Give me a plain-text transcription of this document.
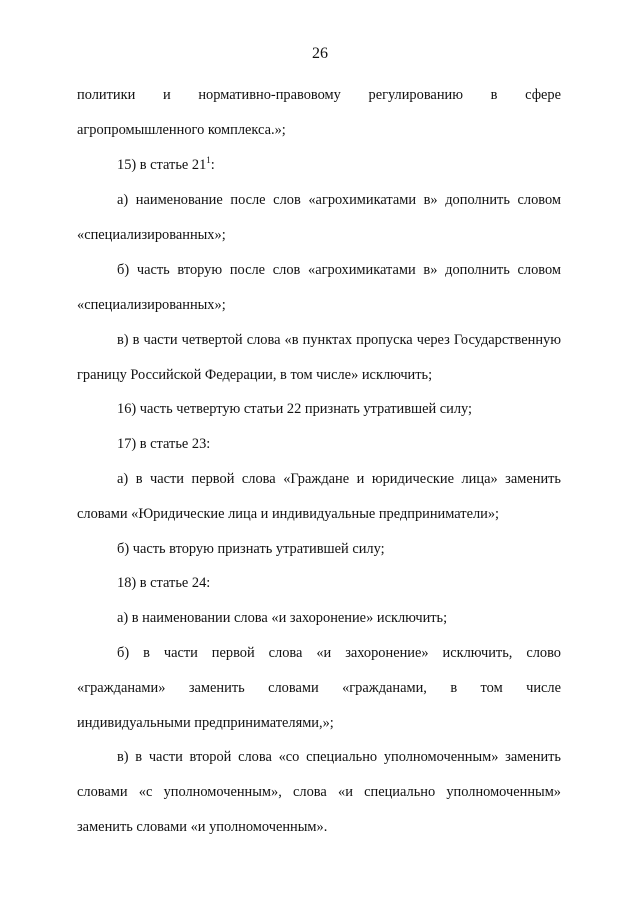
26
политики и нормативно-правовому регулированию в сфере
агропромышленного комплекса.»;
15) в статье $21^1$:
а) наименование после слов «агрохимикатами в» дополнить словом
«специализированных»;
б) часть вторую после слов «агрохимикатами в» дополнить словом
«специализированных»;
в) в части четвертой слова «в пунктах пропуска через Государственную
границу Российской Федерации, в том числе» исключить;
16) часть четвертую статьи 22 признать утратившей силу;
17) в статье 23:
а) в части первой слова «Граждане и юридические лица» заменить
словами «Юридические лица и индивидуальные предприниматели»;
б) часть вторую признать утратившей силу;
18) в статье 24:
а) в наименовании слова «и захоронение» исключить;
б) в части первой слова «и захоронение» исключить, слово
«гражданами» заменить словами «гражданами, в том числе
индивидуальными предпринимателями,»;
в) в части второй слова «со специально уполномоченным» заменить
словами «с уполномоченным», слова «и специально уполномоченным»
заменить словами «и уполномоченным».
